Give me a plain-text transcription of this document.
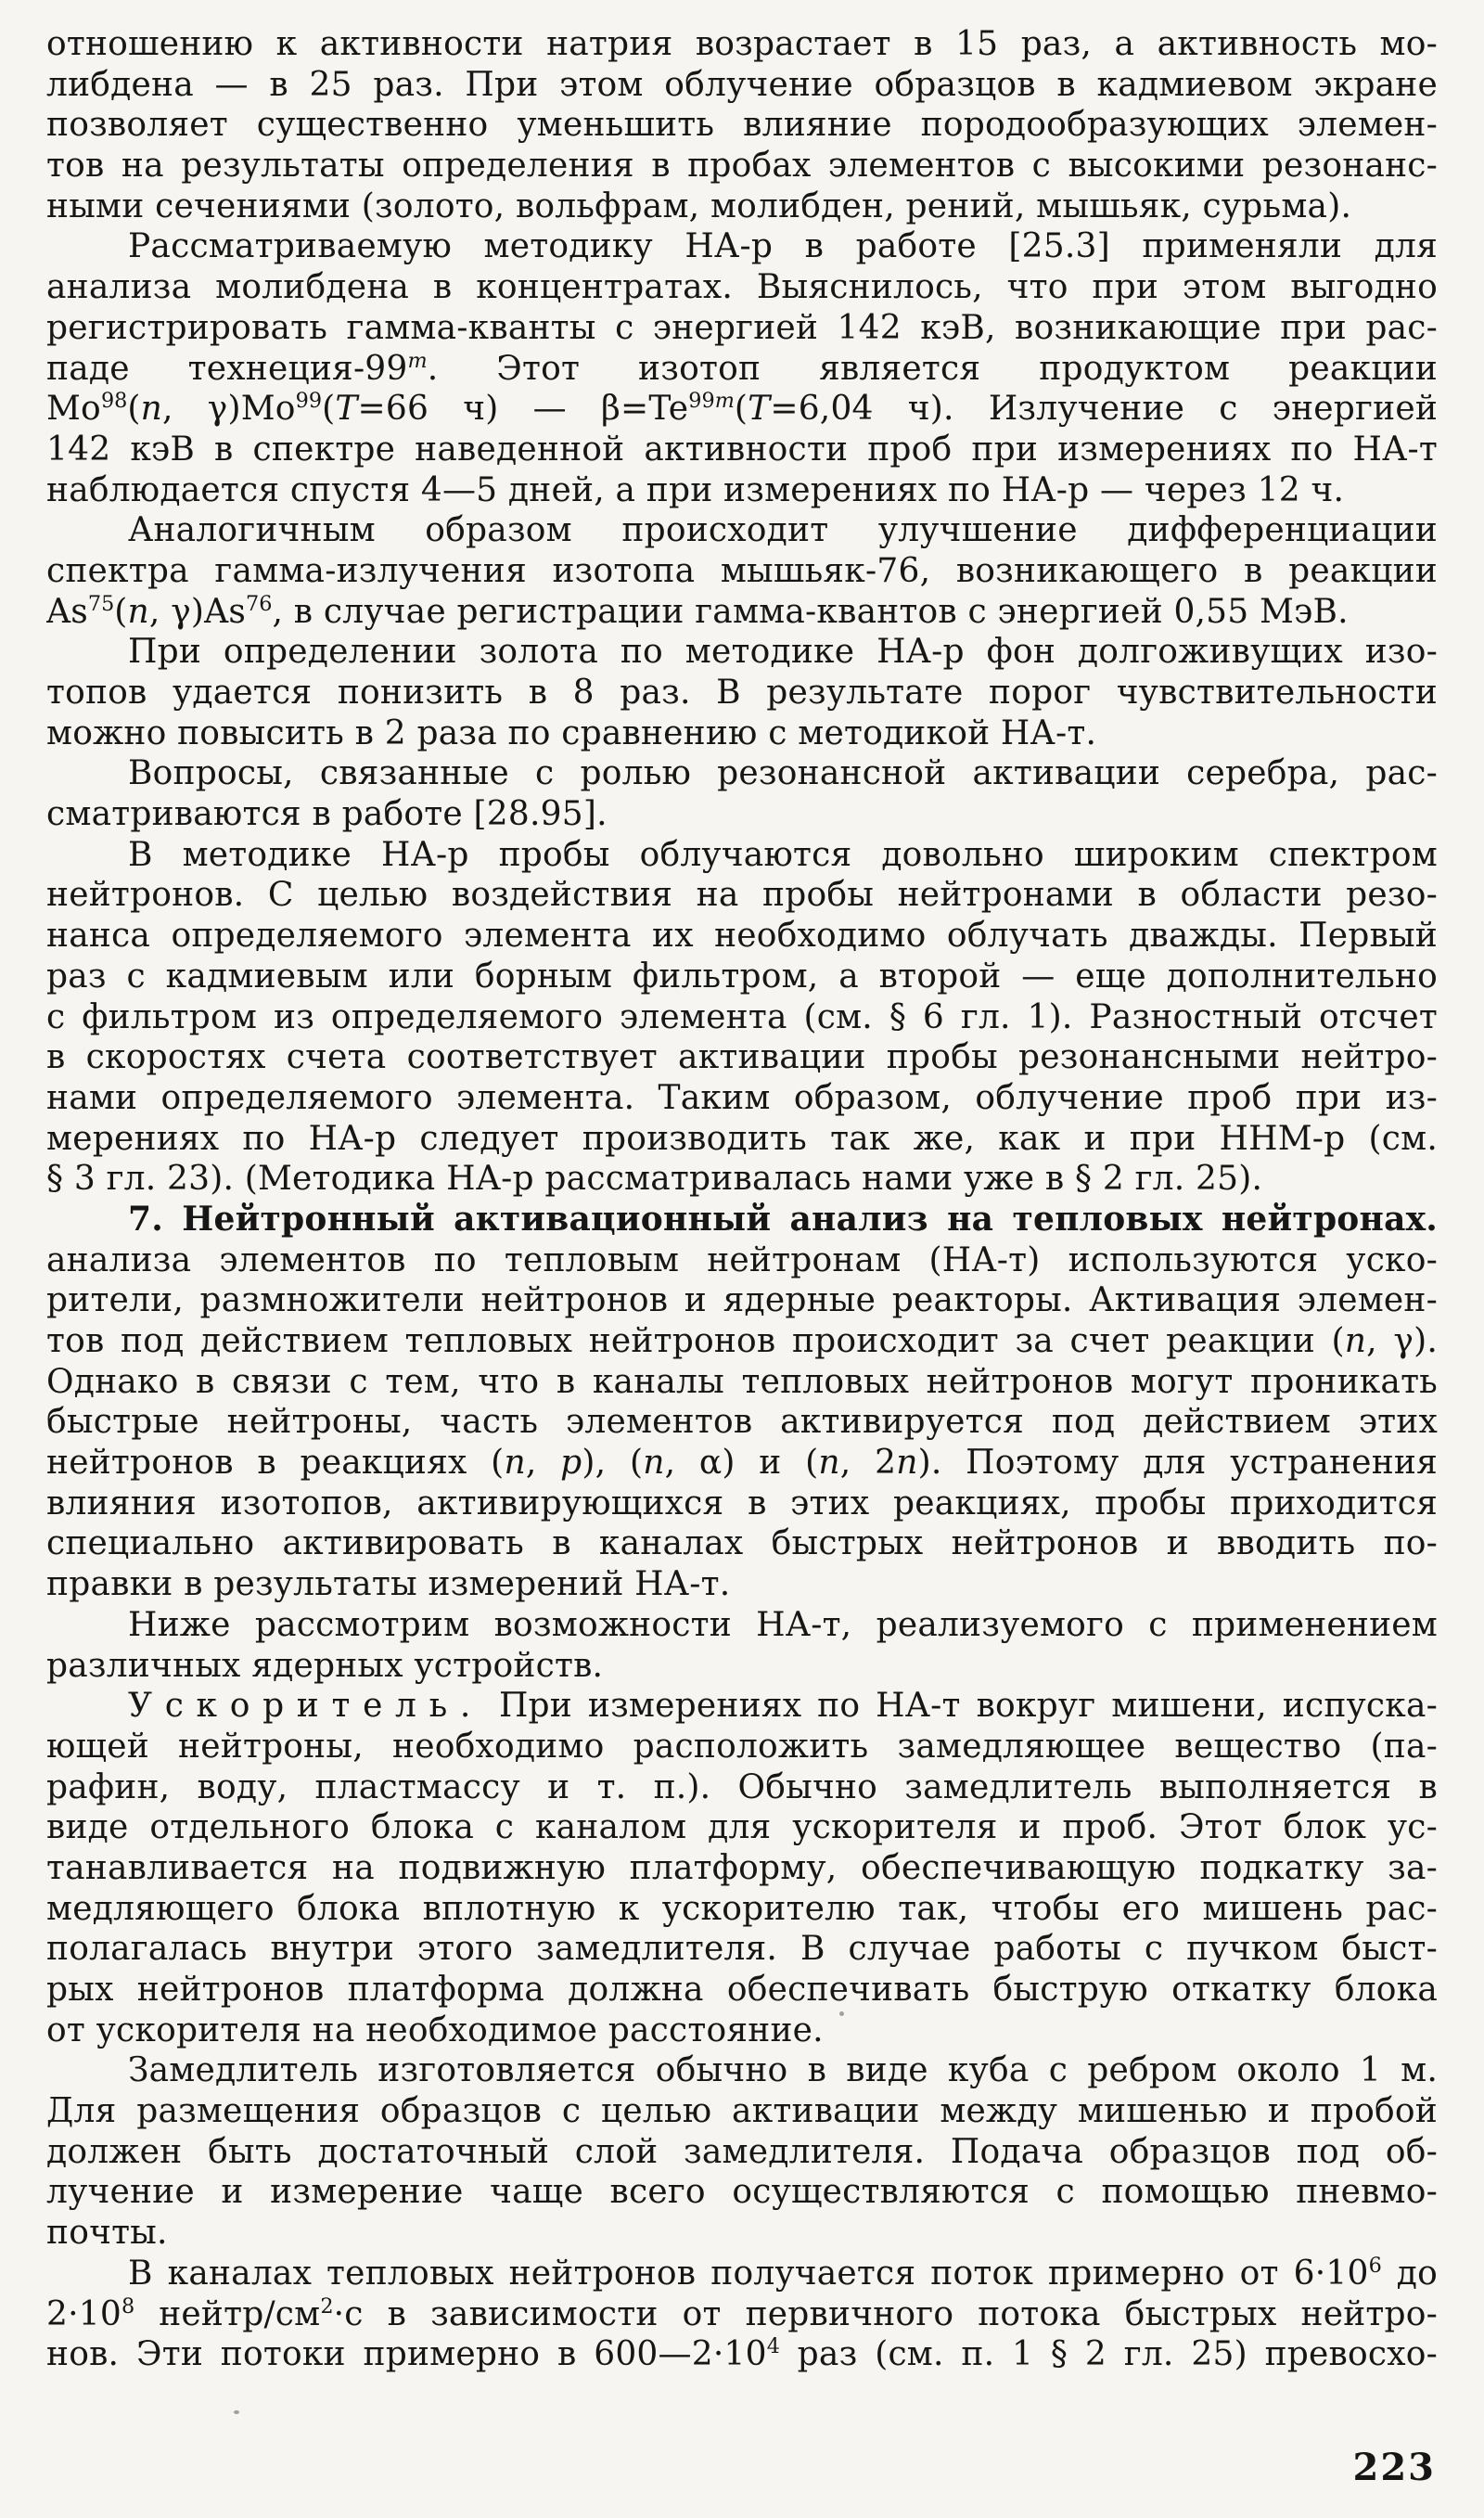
отношению к активности натрия возрастает в 15 раз, а активность мо-
либдена — в 25 раз. При этом облучение образцов в кадмиевом экране
позволяет существенно уменьшить влияние породообразующих элемен-
тов на результаты определения в пробах элементов с высокими резонанс-
ными сечениями (золото, вольфрам, молибден, рений, мышьяк, сурьма).
Рассматриваемую методику НА-р в работе [25.3] применяли для
анализа молибдена в концентратах. Выяснилось, что при этом выгодно
регистрировать гамма-кванты с энергией 142 кэВ, возникающие при рас-
паде технеция-99$^m$. Этот изотоп является продуктом реакции
Mo$^{98}$(n, $\gamma)Mo^{99}(T=66$ ч) — $\beta=Te^{99m}(T=6,04$ ч). Излучение с энергией
142 кэВ в спектре наведенной активности проб при измерениях по НА-т
наблюдается спустя 4—5 дней, а при измерениях по НА-р — через 12 ч.
Аналогичным образом происходит улучшение дифференциации
спектра гамма-излучения изотопа мышьяк-76, возникающего в реакции
As$^{75}$(n, γ)As$^{76}$, в случае регистрации гамма-квантов с энергией 0,55 МэВ.
При определении золота по методике НА-р фон долгоживущих изо-
топов удается понизить в 8 раз. В результате порог чувствительности
можно повысить в 2 раза по сравнению с методикой НА-т.
Вопросы, связанные с ролью резонансной активации серебра, рас-
сматриваются в работе [28.95].
В методике НА-р пробы облучаются довольно широким спектром
нейтронов. С целью воздействия на пробы нейтронами в области резо-
нанса определяемого элемента их необходимо облучать дважды. Первый
раз с кадмиевым или борным фильтром, а второй — еще дополнительно
с фильтром из определяемого элемента (см. § 6 гл. 1). Разностный отсчет
в скоростях счета соответствует активации пробы резонансными нейтро-
нами определяемого элемента. Таким образом, облучение проб при из-
мерениях по НА-р следует производить так же, как и при ННМ-р (см.
§ 3 гл. 23). (Методика НА-р рассматривалась нами уже в § 2 гл. 25).
7. Нейтронный активационный анализ на тепловых нейтронах.
анализа элементов по тепловым нейтронам (НА-т) используются уско-
рители, размножители нейтронов и ядерные реакторы. Активация элемен-
тов под действием тепловых нейтронов происходит за счет реакции (n, γ).
Однако в связи с тем, что в каналы тепловых нейтронов могут проникать
быстрые нейтроны, часть элементов активируется под действием этих
нейтронов в реакциях (n, p), (n, α) и (n, 2n). Поэтому для устранения
влияния изотопов, активирующихся в этих реакциях, пробы приходится
специально активировать в каналах быстрых нейтронов и вводить по-
правки в результаты измерений НА-т.
Ниже рассмотрим возможности НА-т, реализуемого с применением
различных ядерных устройств.
Ускоритель. При измерениях по НА-т вокруг мишени, испуска-
ющей нейтроны, необходимо расположить замедляющее вещество (па-
рафин, воду, пластмассу и т. п.). Обычно замедлитель выполняется в
виде отдельного блока с каналом для ускорителя и проб. Этот блок ус-
танавливается на подвижную платформу, обеспечивающую подкатку за-
медляющего блока вплотную к ускорителю так, чтобы его мишень рас-
полагалась внутри этого замедлителя. В случае работы с пучком быст-
рых нейтронов платформа должна обеспечивать быструю откатку блока
от ускорителя на необходимое расстояние.
Замедлитель изготовляется обычно в виде куба с ребром около 1 м.
Для размещения образцов с целью активации между мишенью и пробой
должен быть достаточный слой замедлителя. Подача образцов под об-
лучение и измерение чаще всего осуществляются с помощью пневмо-
почты.
В каналах тепловых нейтронов получается поток примерно от $6\cdot 10^6$ до
$2\cdot 10^8$ нейтр/$см^2\cdot с$ в зависимости от первичного потока быстрых нейтро-
нов. Эти потоки примерно в $600—2\cdot 10^4$ раз (см. п. 1 § 2 гл. 25) превосхо-
223
